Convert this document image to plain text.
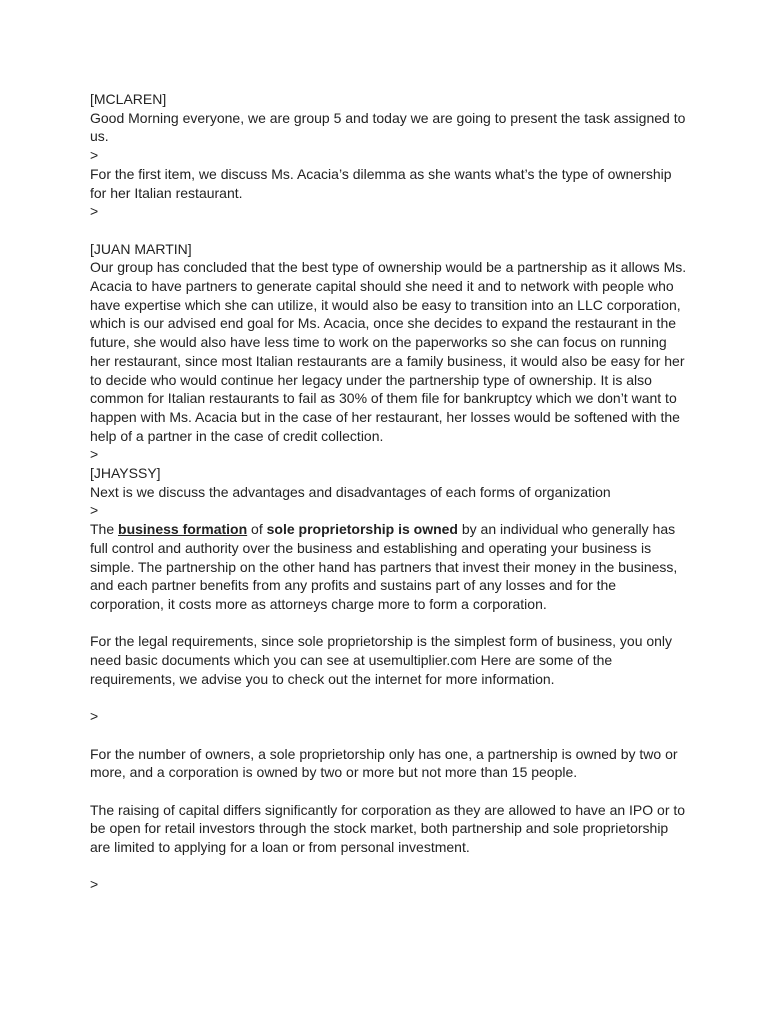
[MCLAREN]

Good Morning everyone, we are group 5 and today we are going to present the task assigned to us.

>

For the first item, we discuss Ms. Acacia’s dilemma as she wants what’s the type of ownership for her Italian restaurant.

>

[JUAN MARTIN]

Our group has concluded that the best type of ownership would be a partnership as it allows Ms. Acacia to have partners to generate capital should she need it and to network with people who have expertise which she can utilize, it would also be easy to transition into an LLC corporation, which is our advised end goal for Ms. Acacia, once she decides to expand the restaurant in the future, she would also have less time to work on the paperworks so she can focus on running her restaurant, since most Italian restaurants are a family business, it would also be easy for her to decide who would continue her legacy under the partnership type of ownership. It is also common for Italian restaurants to fail as 30% of them file for bankruptcy which we don’t want to happen with Ms. Acacia but in the case of her restaurant, her losses would be softened with the help of a partner in the case of credit collection.

>

[JHAYSSY]

Next is we discuss the advantages and disadvantages of each forms of organization

>

The business formation of sole proprietorship is owned by an individual who generally has full control and authority over the business and establishing and operating your business is simple. The partnership on the other hand has partners that invest their money in the business, and each partner benefits from any profits and sustains part of any losses and for the corporation, it costs more as attorneys charge more to form a corporation.

For the legal requirements, since sole proprietorship is the simplest form of business, you only need basic documents which you can see at usemultiplier.com Here are some of the requirements, we advise you to check out the internet for more information.

>

For the number of owners, a sole proprietorship only has one, a partnership is owned by two or more, and a corporation is owned by two or more but not more than 15 people.

The raising of capital differs significantly for corporation as they are allowed to have an IPO or to be open for retail investors through the stock market, both partnership and sole proprietorship are limited to applying for a loan or from personal investment.

>
